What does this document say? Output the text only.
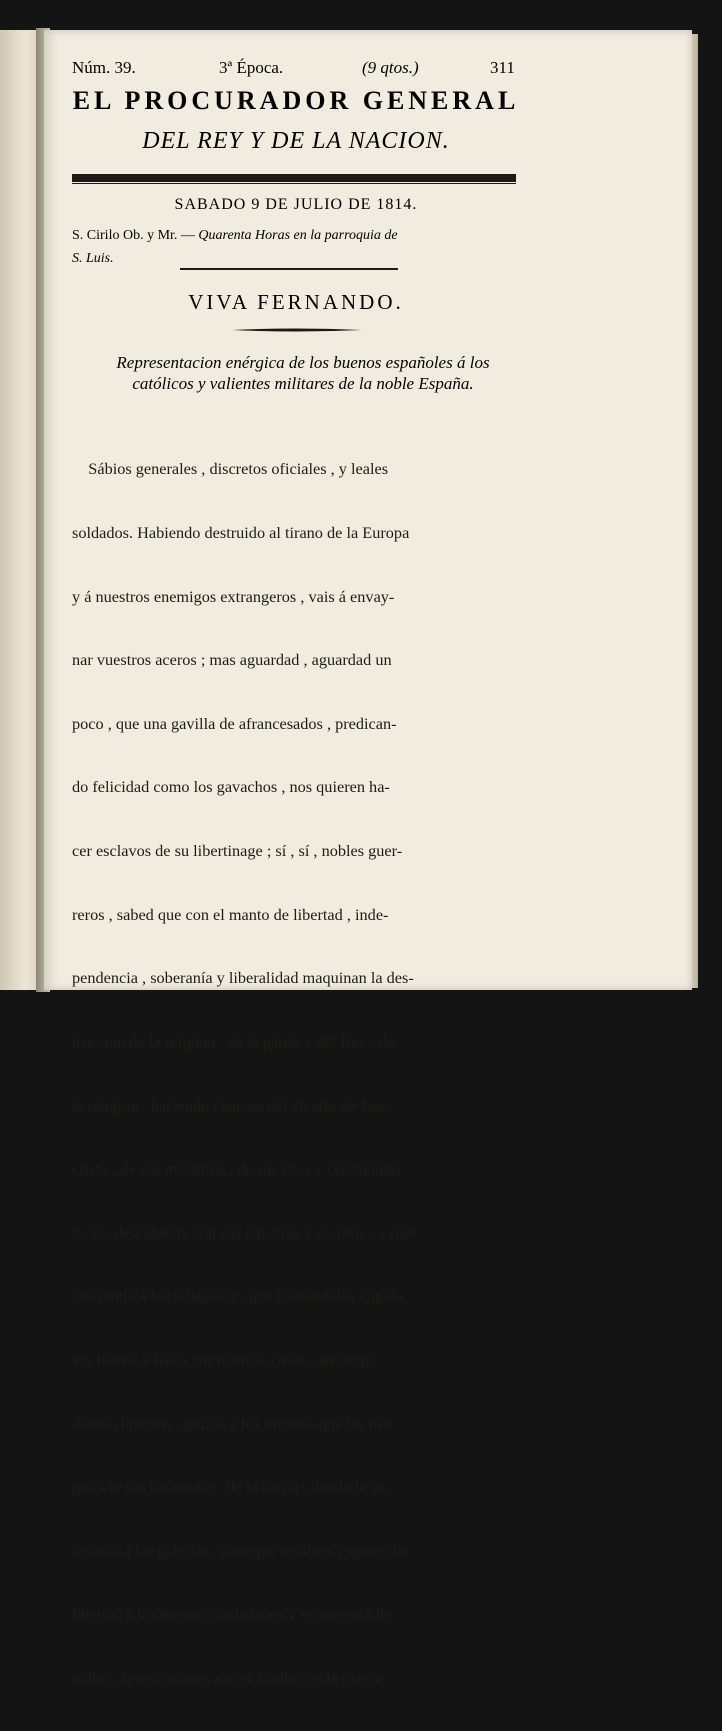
Núm. 39.	3ª Época.	(9 qtos.)	311
EL PROCURADOR GENERAL
DEL REY Y DE LA NACION.
SABADO 9 DE JULIO DE 1814.
S. Cirilo Ob. y Mr. — Quarenta Horas en la parroquia de
S. Luis.
VIVA FERNANDO.
Representacion enérgica de los buenos españoles á los
católicos y valientes militares de la noble España.

Sábios generales , discretos oficiales , y leales

soldados. Habiendo destruido al tirano de la Europa

y á nuestros enemigos extrangeros , vais á envay-

nar vuestros aceros ; mas aguardad , aguardad un

poco , que una gavilla de afrancesados , predican-

do felicidad como los gavachos , nos quieren ha-

cer esclavos de su libertinage ; sí , sí , nobles guer-

reros , sabed que con el manto de libertad , inde-

pendencia , soberanía y liberalidad maquinan la des-

truccion de la religion , de la pátria y del Rey ; de

la religion , haciendo chacota del vicario de Jesu-

cristo , de sus ministros , de sus ritos y ceremonias

á cara descubierta con sus palabras y escritos , y ridi-

culizando á los religiosos , que habiéndolos cogido

sus bienes y hasta sus mismas casas , andan pi-

diendo limosna , quizás á los mismos que les han

quitado sus haciendas : de la patria , dando la so-

beranía á las galerías , para que insulten y quiten la

libertad á los buenos ciudadanos y victoreen á los

malos , queriéndonos meter á todos en la mayor
